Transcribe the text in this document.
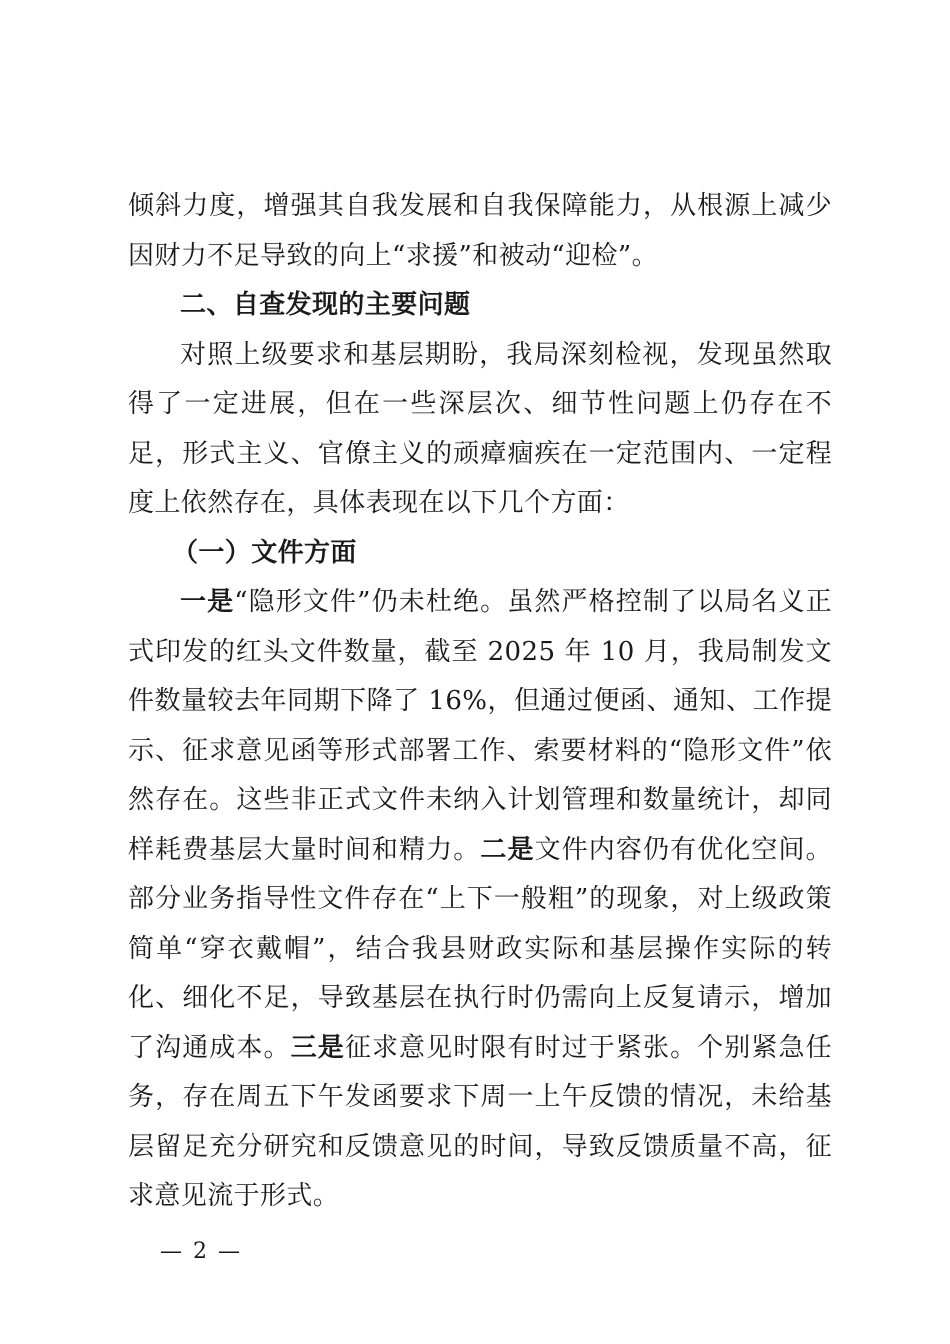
倾斜力度，增强其自我发展和自我保障能力，从根源上减少因财力不足导致的向上“求援”和被动“迎检”。

二、自查发现的主要问题

对照上级要求和基层期盼，我局深刻检视，发现虽然取得了一定进展，但在一些深层次、细节性问题上仍存在不足，形式主义、官僚主义的顽瘴痼疾在一定范围内、一定程度上依然存在，具体表现在以下几个方面：

（一）文件方面

一是“隐形文件”仍未杜绝。虽然严格控制了以局名义正式印发的红头文件数量，截至 2025 年 10 月，我局制发文件数量较去年同期下降了 16%，但通过便函、通知、工作提示、征求意见函等形式部署工作、索要材料的“隐形文件”依然存在。这些非正式文件未纳入计划管理和数量统计，却同样耗费基层大量时间和精力。二是文件内容仍有优化空间。部分业务指导性文件存在“上下一般粗”的现象，对上级政策简单“穿衣戴帽”，结合我县财政实际和基层操作实际的转化、细化不足，导致基层在执行时仍需向上反复请示，增加了沟通成本。三是征求意见时限有时过于紧张。个别紧急任务，存在周五下午发函要求下周一上午反馈的情况，未给基层留足充分研究和反馈意见的时间，导致反馈质量不高，征求意见流于形式。

— 2 —
